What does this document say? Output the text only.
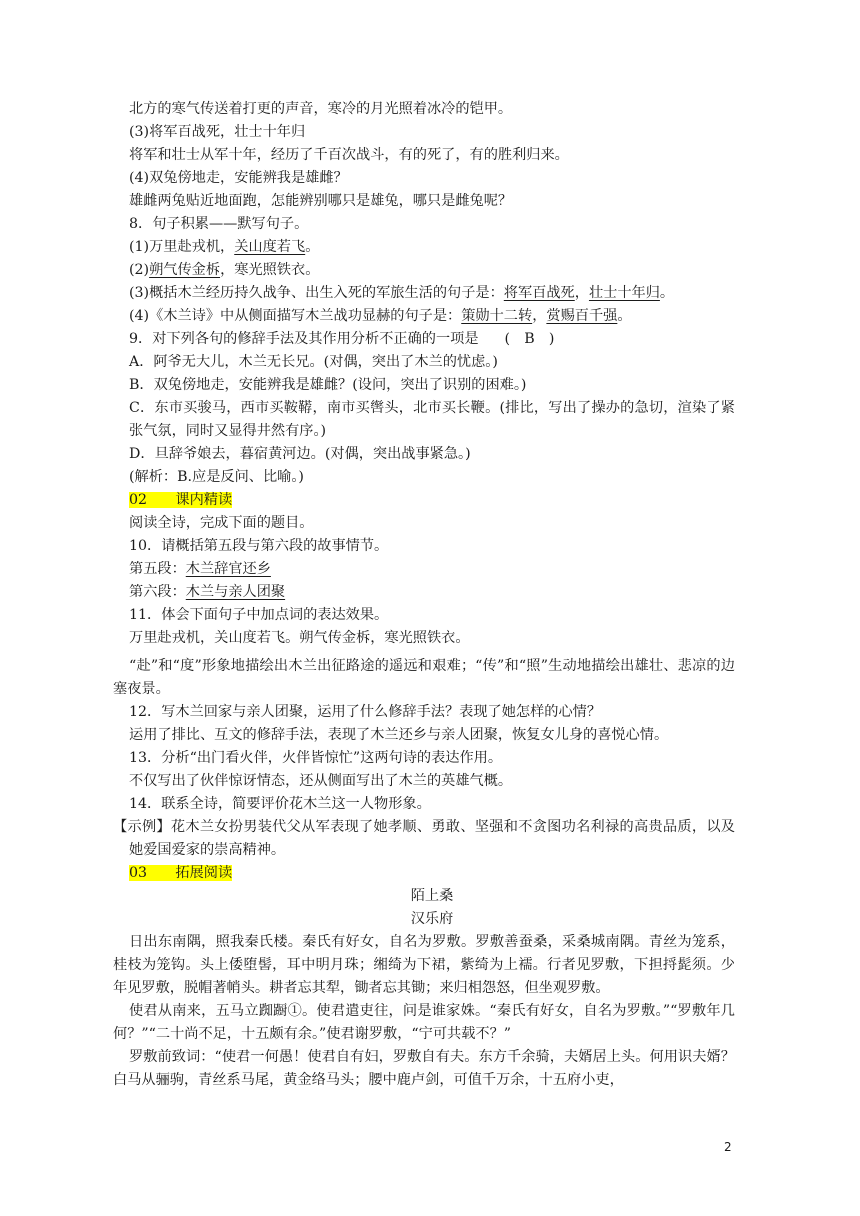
北方的寒气传送着打更的声音，寒冷的月光照着冰冷的铠甲。

(3)将军百战死，壮士十年归

将军和壮士从军十年，经历了千百次战斗，有的死了，有的胜利归来。

(4)双兔傍地走，安能辨我是雄雌？

雄雌两兔贴近地面跑，怎能辨别哪只是雄兔，哪只是雌兔呢？

8．句子积累——默写句子。

(1)万里赴戎机，关山度若飞。

(2)朔气传金柝，寒光照铁衣。

(3)概括木兰经历持久战争、出生入死的军旅生活的句子是：将军百战死，壮士十年归。

(4)《木兰诗》中从侧面描写木兰战功显赫的句子是：策勋十二转，赏赐百千强。

9．对下列各句的修辞手法及其作用分析不正确的一项是 (　B　)

A．阿爷无大儿，木兰无长兄。(对偶，突出了木兰的忧虑。)

B．双兔傍地走，安能辨我是雄雌？(设问，突出了识别的困难。)

C．东市买骏马，西市买鞍鞯，南市买辔头，北市买长鞭。(排比，写出了操办的急切，渲染了紧张气氛，同时又显得井然有序。)

D．旦辞爷娘去，暮宿黄河边。(对偶，突出战事紧急。)

(解析：B.应是反问、比喻。)

02　　课内精读

阅读全诗，完成下面的题目。

10．请概括第五段与第六段的故事情节。

第五段：木兰辞官还乡

第六段：木兰与亲人团聚

11．体会下面句子中加点词的表达效果。

万里赴戎机，关山度若飞。朔气传金柝，寒光照铁衣。

“赴”和“度”形象地描绘出木兰出征路途的遥远和艰难；“传”和“照”生动地描绘出雄壮、悲凉的边塞夜景。

12．写木兰回家与亲人团聚，运用了什么修辞手法？表现了她怎样的心情？

运用了排比、互文的修辞手法，表现了木兰还乡与亲人团聚，恢复女儿身的喜悦心情。

13．分析“出门看火伴，火伴皆惊忙”这两句诗的表达作用。

不仅写出了伙伴惊讶情态，还从侧面写出了木兰的英雄气概。

14．联系全诗，简要评价花木兰这一人物形象。

【示例】花木兰女扮男装代父从军表现了她孝顺、勇敢、坚强和不贪图功名利禄的高贵品质，以及她爱国爱家的崇高精神。

03　　拓展阅读

陌上桑

汉乐府

日出东南隅，照我秦氏楼。秦氏有好女，自名为罗敷。罗敷善蚕桑，采桑城南隅。青丝为笼系，桂枝为笼钩。头上倭堕髻，耳中明月珠；缃绮为下裙，紫绮为上襦。行者见罗敷，下担捋髭须。少年见罗敷，脱帽著帩头。耕者忘其犁，锄者忘其锄；来归相怨怒，但坐观罗敷。

使君从南来，五马立踟蹰①。使君遣吏往，问是谁家姝。“秦氏有好女，自名为罗敷。”“罗敷年几何？”“二十尚不足，十五颇有余。”使君谢罗敷，“宁可共载不？”

罗敷前致词：“使君一何愚！使君自有妇，罗敷自有夫。东方千余骑，夫婿居上头。何用识夫婿？白马从骊驹，青丝系马尾，黄金络马头；腰中鹿卢剑，可值千万余，十五府小吏，

2
